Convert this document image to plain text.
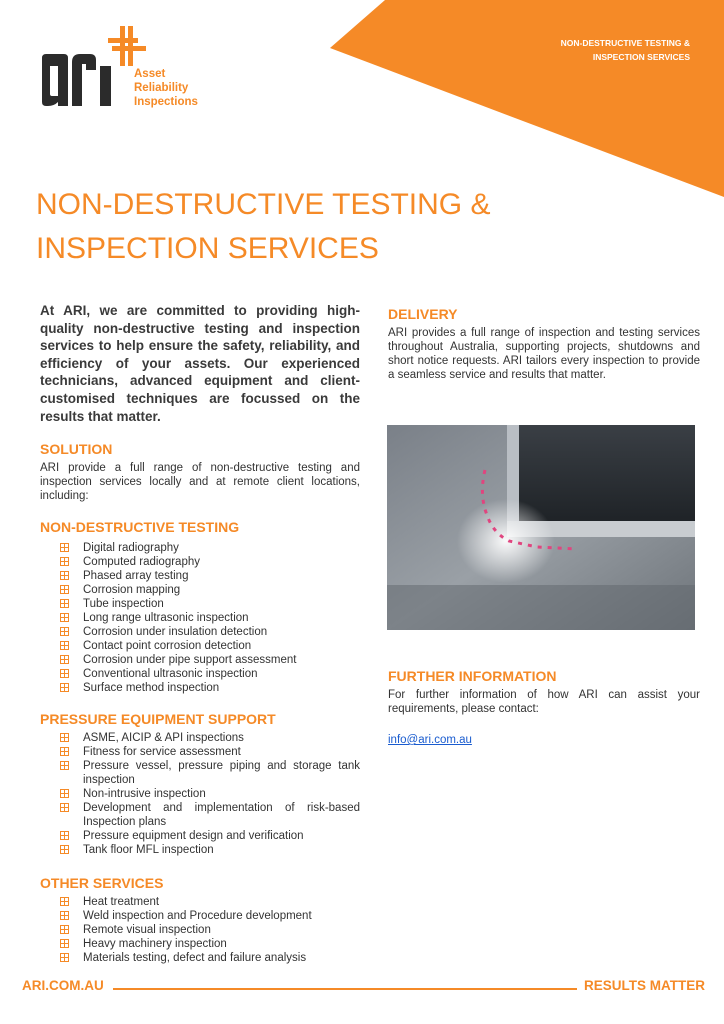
NON-DESTRUCTIVE TESTING &
INSPECTION SERVICES
Asset
Reliability
Inspections
NON-DESTRUCTIVE TESTING &
INSPECTION SERVICES

At ARI, we are committed to providing high-quality non-destructive testing and inspection services to help ensure the safety, reliability, and efficiency of your assets. Our experienced technicians, advanced equipment and client-customised techniques are focussed on the results that matter.

SOLUTION

ARI provide a full range of non-destructive testing and inspection services locally and at remote client locations, including:

NON-DESTRUCTIVE TESTING
Digital radiography
Computed radiography
Phased array testing
Corrosion mapping
Tube inspection
Long range ultrasonic inspection
Corrosion under insulation detection
Contact point corrosion detection
Corrosion under pipe support assessment
Conventional ultrasonic inspection
Surface method inspection
PRESSURE EQUIPMENT SUPPORT
ASME, AICIP & API inspections
Fitness for service assessment
Pressure vessel, pressure piping and storage tank inspection
Non-intrusive inspection
Development and implementation of risk-based Inspection plans
Pressure equipment design and verification
Tank floor MFL inspection
OTHER SERVICES
Heat treatment
Weld inspection and Procedure development
Remote visual inspection
Heavy machinery inspection
Materials testing, defect and failure analysis
DELIVERY

ARI provides a full range of inspection and testing services throughout Australia, supporting projects, shutdowns and short notice requests. ARI tailors every inspection to provide a seamless service and results that matter.

FURTHER INFORMATION

For further information of how ARI can assist your requirements, please contact:

info@ari.com.au
ARI.COM.AU	RESULTS MATTER
